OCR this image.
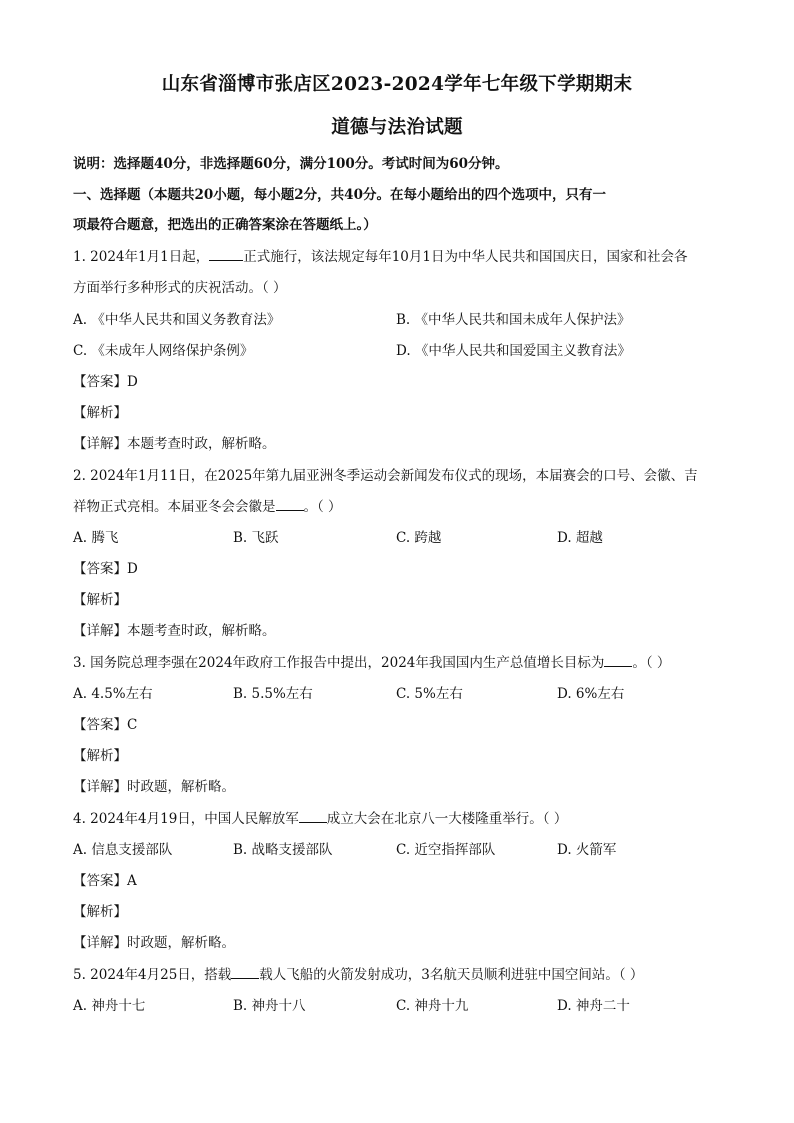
山东省淄博市张店区2023-2024学年七年级下学期期末
道德与法治试题
说明：选择题40分，非选择题60分，满分100分。考试时间为60分钟。
一、选择题（本题共20小题，每小题2分，共40分。在每小题给出的四个选项中，只有一
项最符合题意，把选出的正确答案涂在答题纸上。）
1. 2024年1月1日起，	正式施行，该法规定每年10月1日为中华人民共和国国庆日，国家和社会各
方面举行多种形式的庆祝活动。（ ）
A. 《中华人民共和国义务教育法》	B. 《中华人民共和国未成年人保护法》
C. 《未成年人网络保护条例》	D. 《中华人民共和国爱国主义教育法》
【答案】D
【解析】
【详解】本题考查时政，解析略。
2. 2024年1月11日，在2025年第九届亚洲冬季运动会新闻发布仪式的现场，本届赛会的口号、会徽、吉
祥物正式亮相。本届亚冬会会徽是 。（ ）
A. 腾飞	B. 飞跃	C. 跨越	D. 超越
【答案】D
【解析】
【详解】本题考查时政，解析略。
3. 国务院总理李强在2024年政府工作报告中提出，2024年我国国内生产总值增长目标为 。（ ）
A. 4.5%左右	B. 5.5%左右	C. 5%左右	D. 6%左右
【答案】C
【解析】
【详解】时政题，解析略。
4. 2024年4月19日，中国人民解放军 成立大会在北京八一大楼隆重举行。（ ）
A. 信息支援部队	B. 战略支援部队	C. 近空指挥部队	D. 火箭军
【答案】A
【解析】
【详解】时政题，解析略。
5. 2024年4月25日，搭载 载人飞船的火箭发射成功，3名航天员顺利进驻中国空间站。（ ）
A. 神舟十七	B. 神舟十八	C. 神舟十九	D. 神舟二十
